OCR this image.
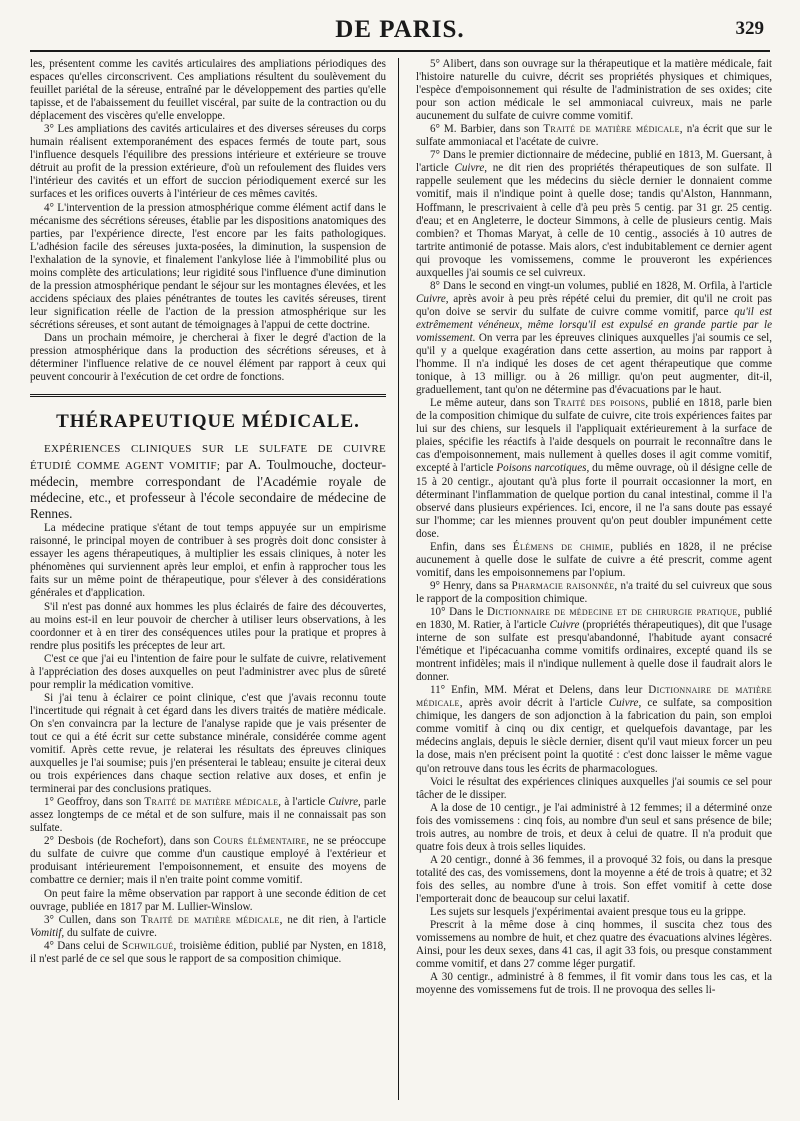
DE PARIS.	329

les, présentent comme les cavités articulaires des ampliations périodiques des espaces qu'elles circonscrivent. Ces ampliations résultent du soulèvement du feuillet pariétal de la séreuse, entraîné par le développement des parties qu'elle tapisse, et de l'abaissement du feuillet viscéral, par suite de la contraction ou du déplacement des viscères qu'elle enveloppe.

3° Les ampliations des cavités articulaires et des diverses séreuses du corps humain réalisent extemporanément des espaces fermés de toute part, sous l'influence desquels l'équilibre des pressions intérieure et extérieure se trouve détruit au profit de la pression extérieure, d'où un refoulement des fluides vers l'intérieur des cavités et un effort de succion périodiquement exercé sur les surfaces et les orifices ouverts à l'intérieur de ces mêmes cavités.

4° L'intervention de la pression atmosphérique comme élément actif dans le mécanisme des sécrétions séreuses, établie par les dispositions anatomiques des parties, par l'expérience directe, l'est encore par les faits pathologiques. L'adhésion facile des séreuses juxta-posées, la diminution, la suspension de l'exhalation de la synovie, et finalement l'ankylose liée à l'immobilité plus ou moins complète des articulations; leur rigidité sous l'influence d'une diminution de la pression atmosphérique pendant le séjour sur les montagnes élevées, et les accidens spéciaux des plaies pénétrantes de toutes les cavités séreuses, tirent leur signification réelle de l'action de la pression atmosphérique sur les sécrétions séreuses, et sont autant de témoignages à l'appui de cette doctrine.

Dans un prochain mémoire, je chercherai à fixer le degré d'action de la pression atmosphérique dans la production des sécrétions séreuses, et à déterminer l'influence relative de ce nouvel élément par rapport à ceux qui peuvent concourir à l'exécution de cet ordre de fonctions.

THÉRAPEUTIQUE MÉDICALE.

EXPÉRIENCES CLINIQUES SUR LE SULFATE DE CUIVRE ÉTUDIÉ COMME AGENT VOMITIF; par A. Toulmouche, docteur-médecin, membre correspondant de l'Académie royale de médecine, etc., et professeur à l'école secondaire de médecine de Rennes.

La médecine pratique s'étant de tout temps appuyée sur un empirisme raisonné, le principal moyen de contribuer à ses progrès doit donc consister à essayer les agens thérapeutiques, à multiplier les essais cliniques, à noter les phénomènes qui surviennent après leur emploi, et enfin à rapprocher tous les faits sur un même point de thérapeutique, pour s'élever à des considérations générales et d'application.

S'il n'est pas donné aux hommes les plus éclairés de faire des découvertes, au moins est-il en leur pouvoir de chercher à utiliser leurs observations, à les coordonner et à en tirer des conséquences utiles pour la pratique et propres à rendre plus positifs les préceptes de leur art.

C'est ce que j'ai eu l'intention de faire pour le sulfate de cuivre, relativement à l'appréciation des doses auxquelles on peut l'administrer avec plus de sûreté pour remplir la médication vomitive.

Si j'ai tenu à éclairer ce point clinique, c'est que j'avais reconnu toute l'incertitude qui régnait à cet égard dans les divers traités de matière médicale. On s'en convaincra par la lecture de l'analyse rapide que je vais présenter de tout ce qui a été écrit sur cette substance minérale, considérée comme agent vomitif. Après cette revue, je relaterai les résultats des épreuves cliniques auxquelles je l'ai soumise; puis j'en présenterai le tableau; ensuite je citerai deux ou trois expériences dans chaque section relative aux doses, et enfin je terminerai par des conclusions pratiques.

1° Geoffroy, dans son Traité de matière médicale, à l'article Cuivre, parle assez longtemps de ce métal et de son sulfure, mais il ne connaissait pas son sulfate.

2° Desbois (de Rochefort), dans son Cours élémentaire, ne se préoccupe du sulfate de cuivre que comme d'un caustique employé à l'extérieur et produisant intérieurement l'empoisonnement, et ensuite des moyens de combattre ce dernier; mais il n'en traite point comme vomitif.

On peut faire la même observation par rapport à une seconde édition de cet ouvrage, publiée en 1817 par M. Lullier-Winslow.

3° Cullen, dans son Traité de matière médicale, ne dit rien, à l'article Vomitif, du sulfate de cuivre.

4° Dans celui de Schwilgué, troisième édition, publié par Nysten, en 1818, il n'est parlé de ce sel que sous le rapport de sa composition chimique.

5° Alibert, dans son ouvrage sur la thérapeutique et la matière médicale, fait l'histoire naturelle du cuivre, décrit ses propriétés physiques et chimiques, l'espèce d'empoisonnement qui résulte de l'administration de ses oxides; cite pour son action médicale le sel ammoniacal cuivreux, mais ne parle aucunement du sulfate de cuivre comme vomitif.

6° M. Barbier, dans son Traité de matière médicale, n'a écrit que sur le sulfate ammoniacal et l'acétate de cuivre.

7° Dans le premier dictionnaire de médecine, publié en 1813, M. Guersant, à l'article Cuivre, ne dit rien des propriétés thérapeutiques de son sulfate. Il rappelle seulement que les médecins du siècle dernier le donnaient comme vomitif, mais il n'indique point à quelle dose; tandis qu'Alston, Hannmann, Hoffmann, le prescrivaient à celle d'à peu près 5 centig. par 31 gr. 25 centig. d'eau; et en Angleterre, le docteur Simmons, à celle de plusieurs centig. Mais combien? et Thomas Maryat, à celle de 10 centig., associés à 10 autres de tartrite antimonié de potasse. Mais alors, c'est indubitablement ce dernier agent qui provoque les vomissemens, comme le prouveront les expériences auxquelles j'ai soumis ce sel cuivreux.

8° Dans le second en vingt-un volumes, publié en 1828, M. Orfila, à l'article Cuivre, après avoir à peu près répété celui du premier, dit qu'il ne croit pas qu'on doive se servir du sulfate de cuivre comme vomitif, parce qu'il est extrêmement vénéneux, même lorsqu'il est expulsé en grande partie par le vomissement. On verra par les épreuves cliniques auxquelles j'ai soumis ce sel, qu'il y a quelque exagération dans cette assertion, au moins par rapport à l'homme. Il n'a indiqué les doses de cet agent thérapeutique que comme tonique, à 13 milligr. ou à 26 milligr. qu'on peut augmenter, dit-il, graduellement, tant qu'on ne détermine pas d'évacuations par le haut.

Le même auteur, dans son Traité des poisons, publié en 1818, parle bien de la composition chimique du sulfate de cuivre, cite trois expériences faites par lui sur des chiens, sur lesquels il l'appliquait extérieurement à la surface de plaies, spécifie les réactifs à l'aide desquels on pourrait le reconnaître dans le cas d'empoisonnement, mais nullement à quelles doses il agit comme vomitif, excepté à l'article Poisons narcotiques, du même ouvrage, où il désigne celle de 15 à 20 centigr., ajoutant qu'à plus forte il pourrait occasionner la mort, en déterminant l'inflammation de quelque portion du canal intestinal, comme il l'a observé dans plusieurs expériences. Ici, encore, il ne l'a sans doute pas essayé sur l'homme; car les miennes prouvent qu'on peut doubler impunément cette dose.

Enfin, dans ses Élémens de chimie, publiés en 1828, il ne précise aucunement à quelle dose le sulfate de cuivre a été prescrit, comme agent vomitif, dans les empoisonnemens par l'opium.

9° Henry, dans sa Pharmacie raisonnée, n'a traité du sel cuivreux que sous le rapport de la composition chimique.

10° Dans le Dictionnaire de médecine et de chirurgie pratique, publié en 1830, M. Ratier, à l'article Cuivre (propriétés thérapeutiques), dit que l'usage interne de son sulfate est presqu'abandonné, l'habitude ayant consacré l'émétique et l'ipécacuanha comme vomitifs ordinaires, excepté quand ils se montrent infidèles; mais il n'indique nullement à quelle dose il faudrait alors le donner.

11° Enfin, MM. Mérat et Delens, dans leur Dictionnaire de matière médicale, après avoir décrit à l'article Cuivre, ce sulfate, sa composition chimique, les dangers de son adjonction à la fabrication du pain, son emploi comme vomitif à cinq ou dix centigr, et quelquefois davantage, par les médecins anglais, depuis le siècle dernier, disent qu'il vaut mieux forcer un peu la dose, mais n'en précisent point la quotité : c'est donc laisser le même vague qu'on retrouve dans tous les écrits de pharmacologues.

Voici le résultat des expériences cliniques auxquelles j'ai soumis ce sel pour tâcher de le dissiper.

A la dose de 10 centigr., je l'ai administré à 12 femmes; il a déterminé onze fois des vomissemens : cinq fois, au nombre d'un seul et sans présence de bile; trois autres, au nombre de trois, et deux à celui de quatre. Il n'a produit que quatre fois deux à trois selles liquides.

A 20 centigr., donné à 36 femmes, il a provoqué 32 fois, ou dans la presque totalité des cas, des vomissemens, dont la moyenne a été de trois à quatre; et 32 fois des selles, au nombre d'une à trois. Son effet vomitif à cette dose l'emporterait donc de beaucoup sur celui laxatif.

Les sujets sur lesquels j'expérimentai avaient presque tous eu la grippe.

Prescrit à la même dose à cinq hommes, il suscita chez tous des vomissemens au nombre de huit, et chez quatre des évacuations alvines légères. Ainsi, pour les deux sexes, dans 41 cas, il agit 33 fois, ou presque constamment comme vomitif, et dans 27 comme léger purgatif.

A 30 centigr., administré à 8 femmes, il fit vomir dans tous les cas, et la moyenne des vomissemens fut de trois. Il ne provoqua des selles li-
